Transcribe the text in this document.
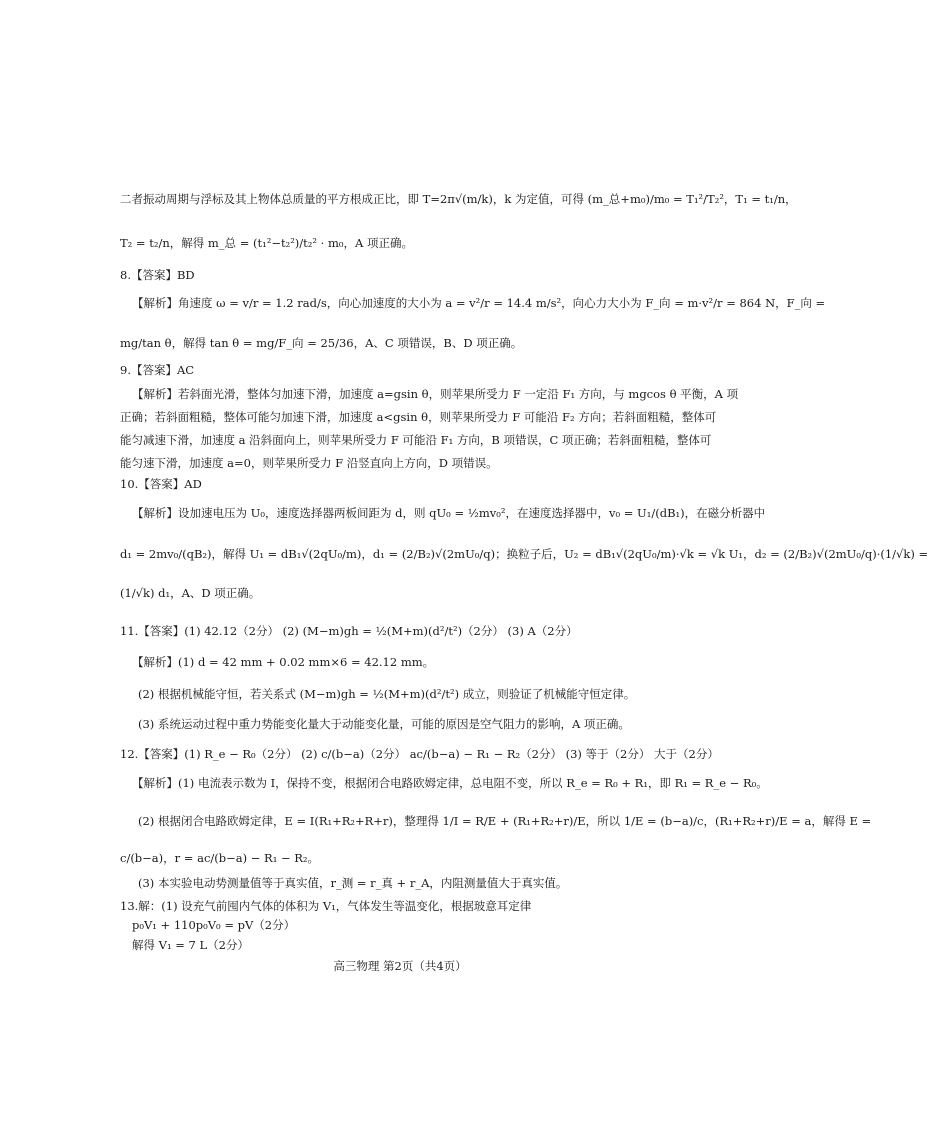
二者振动周期与浮标及其上物体总质量的平方根成正比，即 T=2π√(m/k)，k 为定值，可得 (m_总+m₀)/m₀ = T₁²/T₂²，T₁ = t₁/n，
T₂ = t₂/n，解得 m_总 = (t₁²−t₂²)/t₂² · m₀，A 项正确。
8.【答案】BD
【解析】角速度 ω = v/r = 1.2 rad/s，向心加速度的大小为 a = v²/r = 14.4 m/s²，向心力大小为 F_向 = m·v²/r = 864 N，F_向 =
mg/tan θ，解得 tan θ = mg/F_向 = 25/36，A、C 项错误，B、D 项正确。
9.【答案】AC
【解析】若斜面光滑，整体匀加速下滑，加速度 a=gsin θ，则苹果所受力 F 一定沿 F₁ 方向，与 mgcos θ 平衡，A 项
正确；若斜面粗糙，整体可能匀加速下滑，加速度 a<gsin θ，则苹果所受力 F 可能沿 F₂ 方向；若斜面粗糙，整体可
能匀减速下滑，加速度 a 沿斜面向上，则苹果所受力 F 可能沿 F₁ 方向，B 项错误，C 项正确；若斜面粗糙，整体可
能匀速下滑，加速度 a=0，则苹果所受力 F 沿竖直向上方向，D 项错误。
10.【答案】AD
【解析】设加速电压为 U₀，速度选择器两板间距为 d，则 qU₀ = ½mv₀²，在速度选择器中，v₀ = U₁/(dB₁)，在磁分析器中
d₁ = 2mv₀/(qB₂)，解得 U₁ = dB₁√(2qU₀/m)，d₁ = (2/B₂)√(2mU₀/q)；换粒子后，U₂ = dB₁√(2qU₀/m)·√k = √k U₁，d₂ = (2/B₂)√(2mU₀/q)·(1/√k) =
(1/√k) d₁，A、D 项正确。
11.【答案】(1) 42.12（2分） (2) (M−m)gh = ½(M+m)(d²/t²)（2分） (3) A（2分）
【解析】(1) d = 42 mm + 0.02 mm×6 = 42.12 mm。
(2) 根据机械能守恒，若关系式 (M−m)gh = ½(M+m)(d²/t²) 成立，则验证了机械能守恒定律。
(3) 系统运动过程中重力势能变化量大于动能变化量，可能的原因是空气阻力的影响，A 项正确。
12.【答案】(1) R_e − R₀（2分） (2) c/(b−a)（2分） ac/(b−a) − R₁ − R₂（2分） (3) 等于（2分） 大于（2分）
【解析】(1) 电流表示数为 I，保持不变，根据闭合电路欧姆定律，总电阻不变，所以 R_e = R₀ + R₁，即 R₁ = R_e − R₀。
(2) 根据闭合电路欧姆定律，E = I(R₁+R₂+R+r)，整理得 1/I = R/E + (R₁+R₂+r)/E，所以 1/E = (b−a)/c，(R₁+R₂+r)/E = a，解得 E =
c/(b−a)，r = ac/(b−a) − R₁ − R₂。
(3) 本实验电动势测量值等于真实值，r_测 = r_真 + r_A，内阻测量值大于真实值。
13.解：(1) 设充气前囤内气体的体积为 V₁，气体发生等温变化，根据玻意耳定律
p₀V₁ + 110p₀V₀ = pV（2分）
解得 V₁ = 7 L（2分）
高三物理 第2页（共4页）
